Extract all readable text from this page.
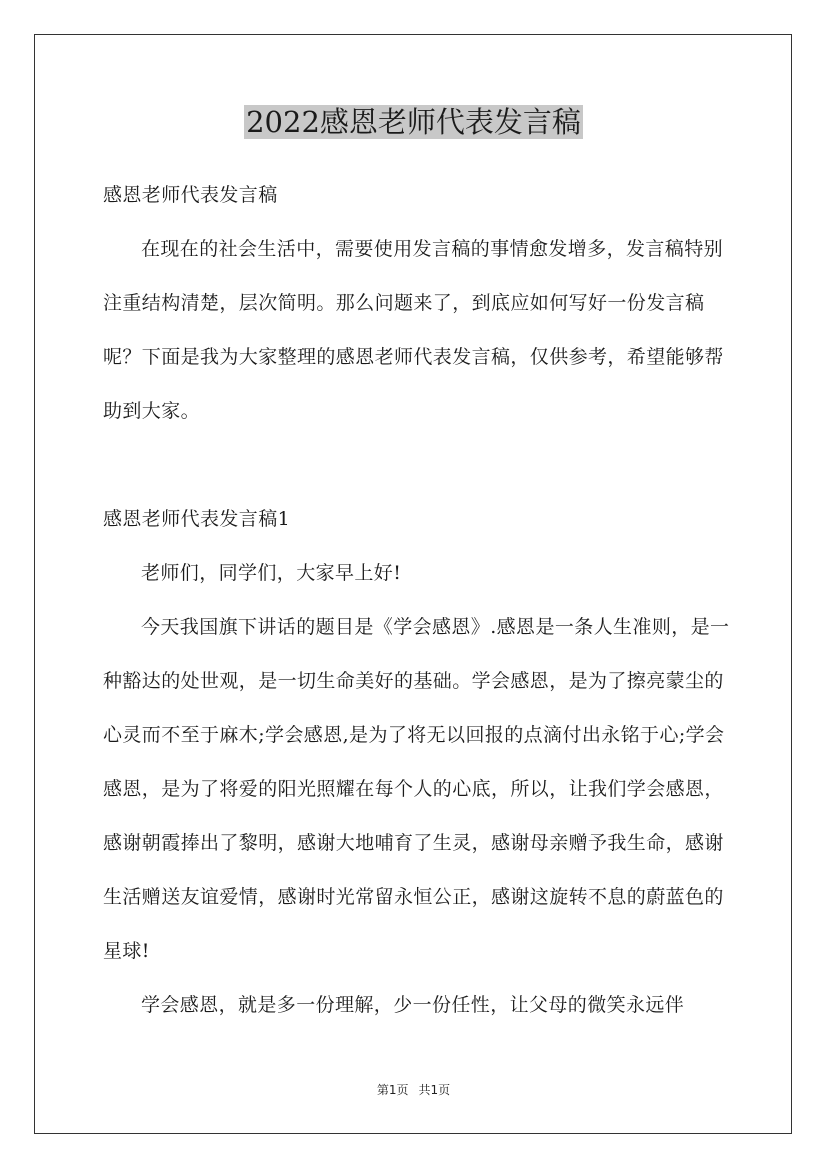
2022感恩老师代表发言稿

感恩老师代表发言稿

在现在的社会生活中，需要使用发言稿的事情愈发增多，发言稿特别注重结构清楚，层次简明。那么问题来了，到底应如何写好一份发言稿呢？下面是我为大家整理的感恩老师代表发言稿，仅供参考，希望能够帮助到大家。

感恩老师代表发言稿1

老师们，同学们，大家早上好!

今天我国旗下讲话的题目是《学会感恩》.感恩是一条人生准则，是一种豁达的处世观，是一切生命美好的基础。学会感恩，是为了擦亮蒙尘的心灵而不至于麻木;学会感恩,是为了将无以回报的点滴付出永铭于心;学会感恩，是为了将爱的阳光照耀在每个人的心底，所以，让我们学会感恩，感谢朝霞捧出了黎明，感谢大地哺育了生灵，感谢母亲赠予我生命，感谢生活赠送友谊爱情，感谢时光常留永恒公正，感谢这旋转不息的蔚蓝色的星球!

学会感恩，就是多一份理解，少一份任性，让父母的微笑永远伴

第1页 共1页
